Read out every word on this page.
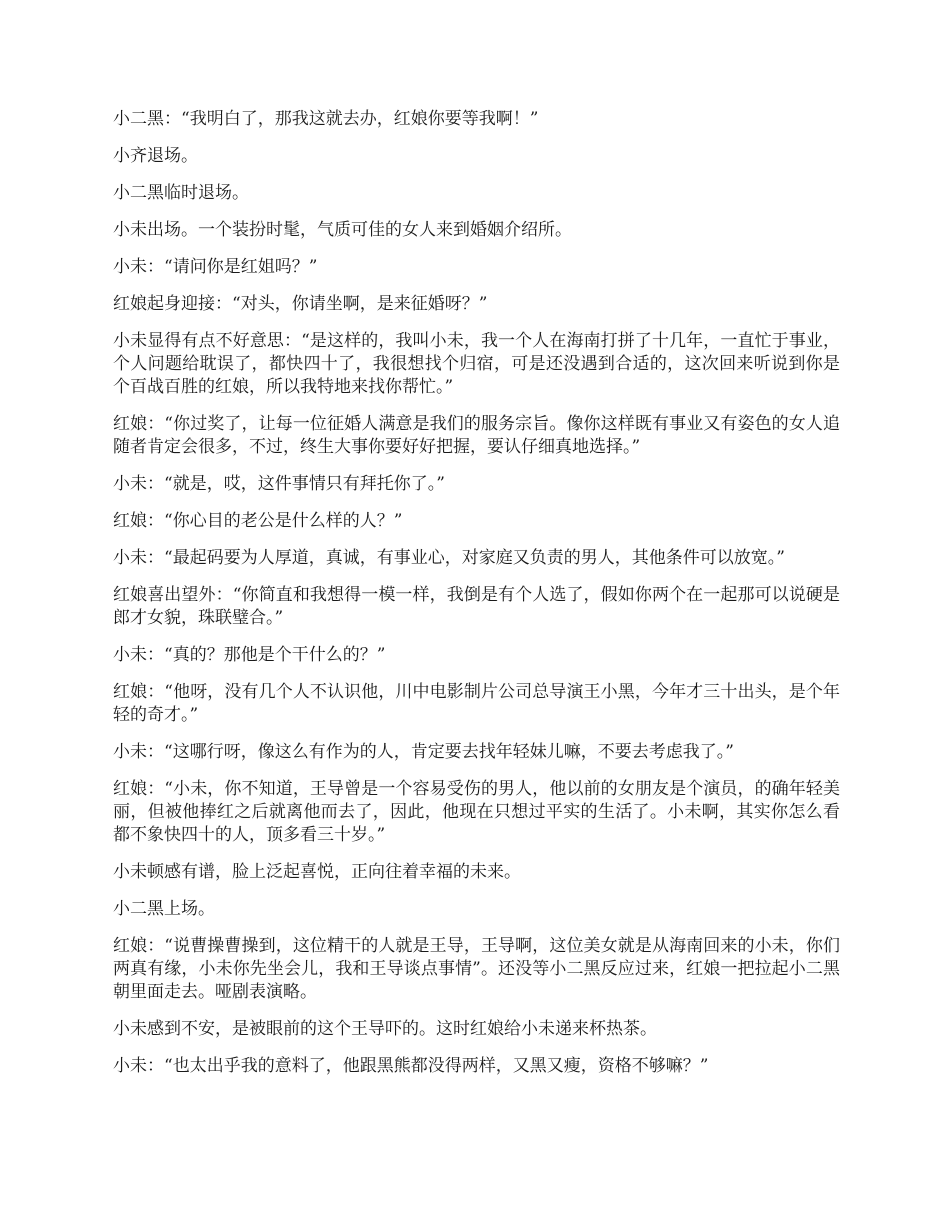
小二黑：“我明白了，那我这就去办，红娘你要等我啊！”

小齐退场。

小二黑临时退场。

小未出场。一个装扮时髦，气质可佳的女人来到婚姻介绍所。

小未：“请问你是红姐吗？”

红娘起身迎接：“对头，你请坐啊，是来征婚呀？”

小未显得有点不好意思：“是这样的，我叫小未，我一个人在海南打拼了十几年，一直忙于事业，个人问题给耽误了，都快四十了，我很想找个归宿，可是还没遇到合适的，这次回来听说到你是个百战百胜的红娘，所以我特地来找你帮忙。”

红娘：“你过奖了，让每一位征婚人满意是我们的服务宗旨。像你这样既有事业又有姿色的女人追随者肯定会很多，不过，终生大事你要好好把握，要认仔细真地选择。”

小未：“就是，哎，这件事情只有拜托你了。”

红娘：“你心目的老公是什么样的人？”

小未：“最起码要为人厚道，真诚，有事业心，对家庭又负责的男人，其他条件可以放宽。”

红娘喜出望外：“你简直和我想得一模一样，我倒是有个人选了，假如你两个在一起那可以说硬是郎才女貌，珠联璧合。”

小未：“真的？那他是个干什么的？”

红娘：“他呀，没有几个人不认识他，川中电影制片公司总导演王小黑，今年才三十出头，是个年轻的奇才。”

小未：“这哪行呀，像这么有作为的人，肯定要去找年轻妹儿嘛，不要去考虑我了。”

红娘：“小未，你不知道，王导曾是一个容易受伤的男人，他以前的女朋友是个演员，的确年轻美丽，但被他捧红之后就离他而去了，因此，他现在只想过平实的生活了。小未啊，其实你怎么看都不象快四十的人，顶多看三十岁。”

小未顿感有谱，脸上泛起喜悦，正向往着幸福的未来。

小二黑上场。

红娘：“说曹操曹操到，这位精干的人就是王导，王导啊，这位美女就是从海南回来的小未，你们两真有缘，小未你先坐会儿，我和王导谈点事情”。还没等小二黑反应过来，红娘一把拉起小二黑朝里面走去。哑剧表演略。

小未感到不安，是被眼前的这个王导吓的。这时红娘给小未递来杯热茶。

小未：“也太出乎我的意料了，他跟黑熊都没得两样，又黑又瘦，资格不够嘛？”
